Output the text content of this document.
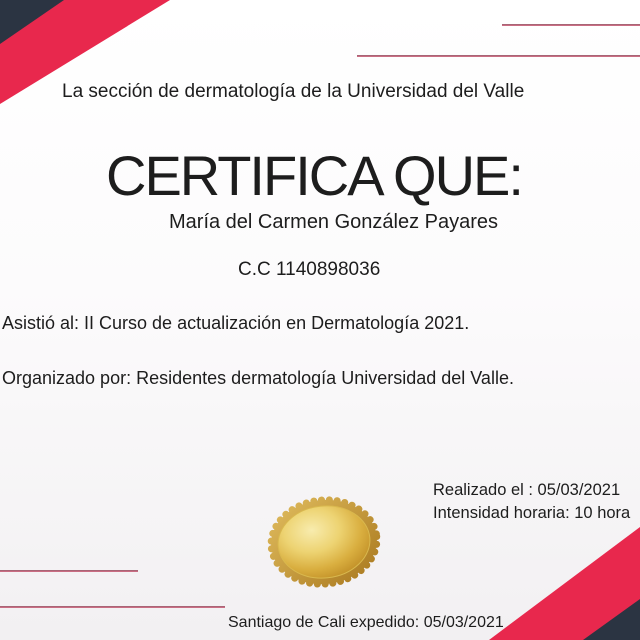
La sección de dermatología de la Universidad del Valle
CERTIFICA QUE:
María del Carmen González Payares
C.C 1140898036
Asistió al: II Curso de actualización en Dermatología 2021.
Organizado por: Residentes dermatología Universidad del Valle.
Realizado el : 05/03/2021
Intensidad horaria: 10 hora
Santiago de Cali expedido: 05/03/2021
